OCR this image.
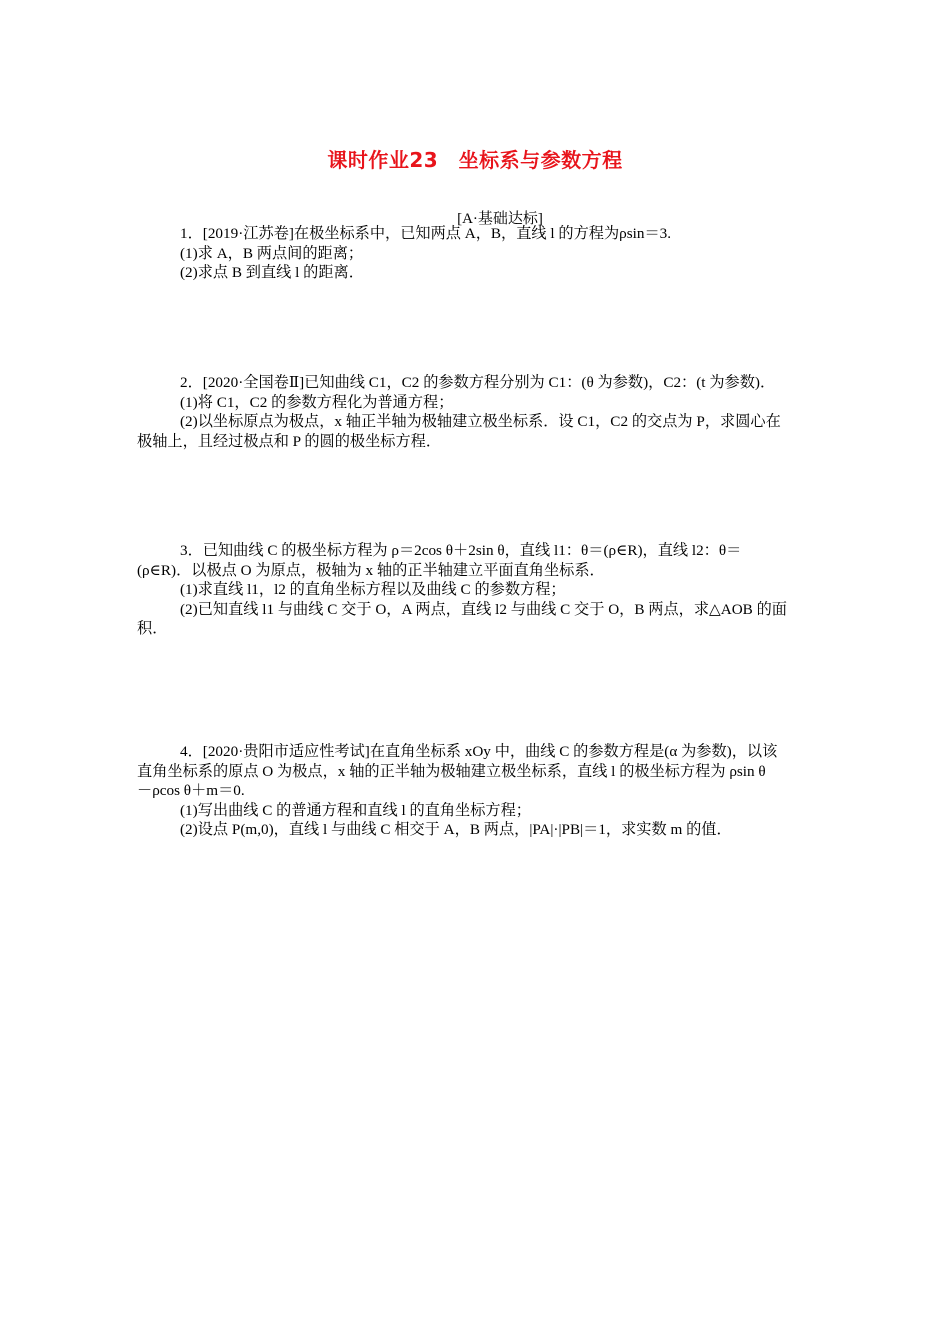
课时作业23　坐标系与参数方程
[A·基础达标]
1．[2019·江苏卷]在极坐标系中，已知两点 A，B，直线 l 的方程为ρsin＝3.
(1)求 A，B 两点间的距离；
(2)求点 B 到直线 l 的距离．
2．[2020·全国卷Ⅱ]已知曲线 C1，C2 的参数方程分别为 C1：(θ 为参数)，C2：(t 为参数)．
(1)将 C1，C2 的参数方程化为普通方程；
(2)以坐标原点为极点，x 轴正半轴为极轴建立极坐标系．设 C1，C2 的交点为 P，求圆心在
极轴上，且经过极点和 P 的圆的极坐标方程．
3．已知曲线 C 的极坐标方程为 ρ＝2cos θ＋2sin θ，直线 l1：θ＝(ρ∈R)，直线 l2：θ＝
(ρ∈R)．以极点 O 为原点，极轴为 x 轴的正半轴建立平面直角坐标系．
(1)求直线 l1，l2 的直角坐标方程以及曲线 C 的参数方程；
(2)已知直线 l1 与曲线 C 交于 O，A 两点，直线 l2 与曲线 C 交于 O，B 两点，求△AOB 的面
积．
4．[2020·贵阳市适应性考试]在直角坐标系 xOy 中，曲线 C 的参数方程是(α 为参数)，以该
直角坐标系的原点 O 为极点，x 轴的正半轴为极轴建立极坐标系，直线 l 的极坐标方程为 ρsin θ
－ρcos θ＋m＝0.
(1)写出曲线 C 的普通方程和直线 l 的直角坐标方程；
(2)设点 P(m,0)，直线 l 与曲线 C 相交于 A，B 两点，|PA|·|PB|＝1，求实数 m 的值．
